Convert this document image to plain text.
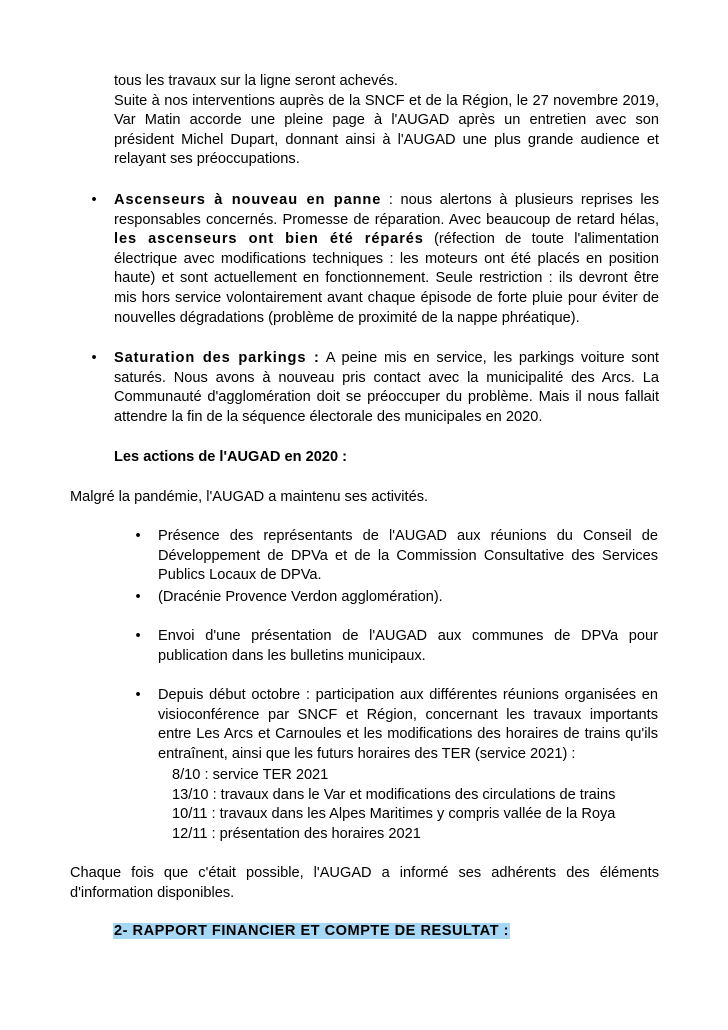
tous les travaux sur la ligne seront achevés.

Suite à nos interventions auprès de la SNCF et de la Région, le 27 novembre 2019, Var Matin accorde une pleine page à l'AUGAD après un entretien avec son président Michel Dupart, donnant ainsi à l'AUGAD une plus grande audience et relayant ses préoccupations.

• Ascenseurs à nouveau en panne : nous alertons à plusieurs reprises les responsables concernés. Promesse de réparation. Avec beaucoup de retard hélas, les ascenseurs ont bien été réparés (réfection de toute l'alimentation électrique avec modifications techniques : les moteurs ont été placés en position haute) et sont actuellement en fonctionnement. Seule restriction : ils devront être mis hors service volontairement avant chaque épisode de forte pluie pour éviter de nouvelles dégradations (problème de proximité de la nappe phréatique).
• Saturation des parkings : A peine mis en service, les parkings voiture sont saturés. Nous avons à nouveau pris contact avec la municipalité des Arcs. La Communauté d'agglomération doit se préoccuper du problème. Mais il nous fallait attendre la fin de la séquence électorale des municipales en 2020.
Les actions de l'AUGAD en 2020 :
Malgré la pandémie, l'AUGAD a maintenu ses activités.
• Présence des représentants de l'AUGAD aux réunions du Conseil de Développement de DPVa et de la Commission Consultative des Services Publics Locaux de DPVa.
• (Dracénie Provence Verdon agglomération).
• Envoi d'une présentation de l'AUGAD aux communes de DPVa pour publication dans les bulletins municipaux.
• Depuis début octobre : participation aux différentes réunions organisées en visioconférence par SNCF et Région, concernant les travaux importants entre Les Arcs et Carnoules et les modifications des horaires de trains qu'ils entraînent, ainsi que les futurs horaires des TER (service 2021) :
8/10 : service TER 2021
13/10 : travaux dans le Var et modifications des circulations de trains
10/11 : travaux dans les Alpes Maritimes y compris vallée de la Roya
12/11 : présentation des horaires 2021
Chaque fois que c'était possible, l'AUGAD a informé ses adhérents des éléments d'information disponibles.
2- RAPPORT FINANCIER ET COMPTE DE RESULTAT :
